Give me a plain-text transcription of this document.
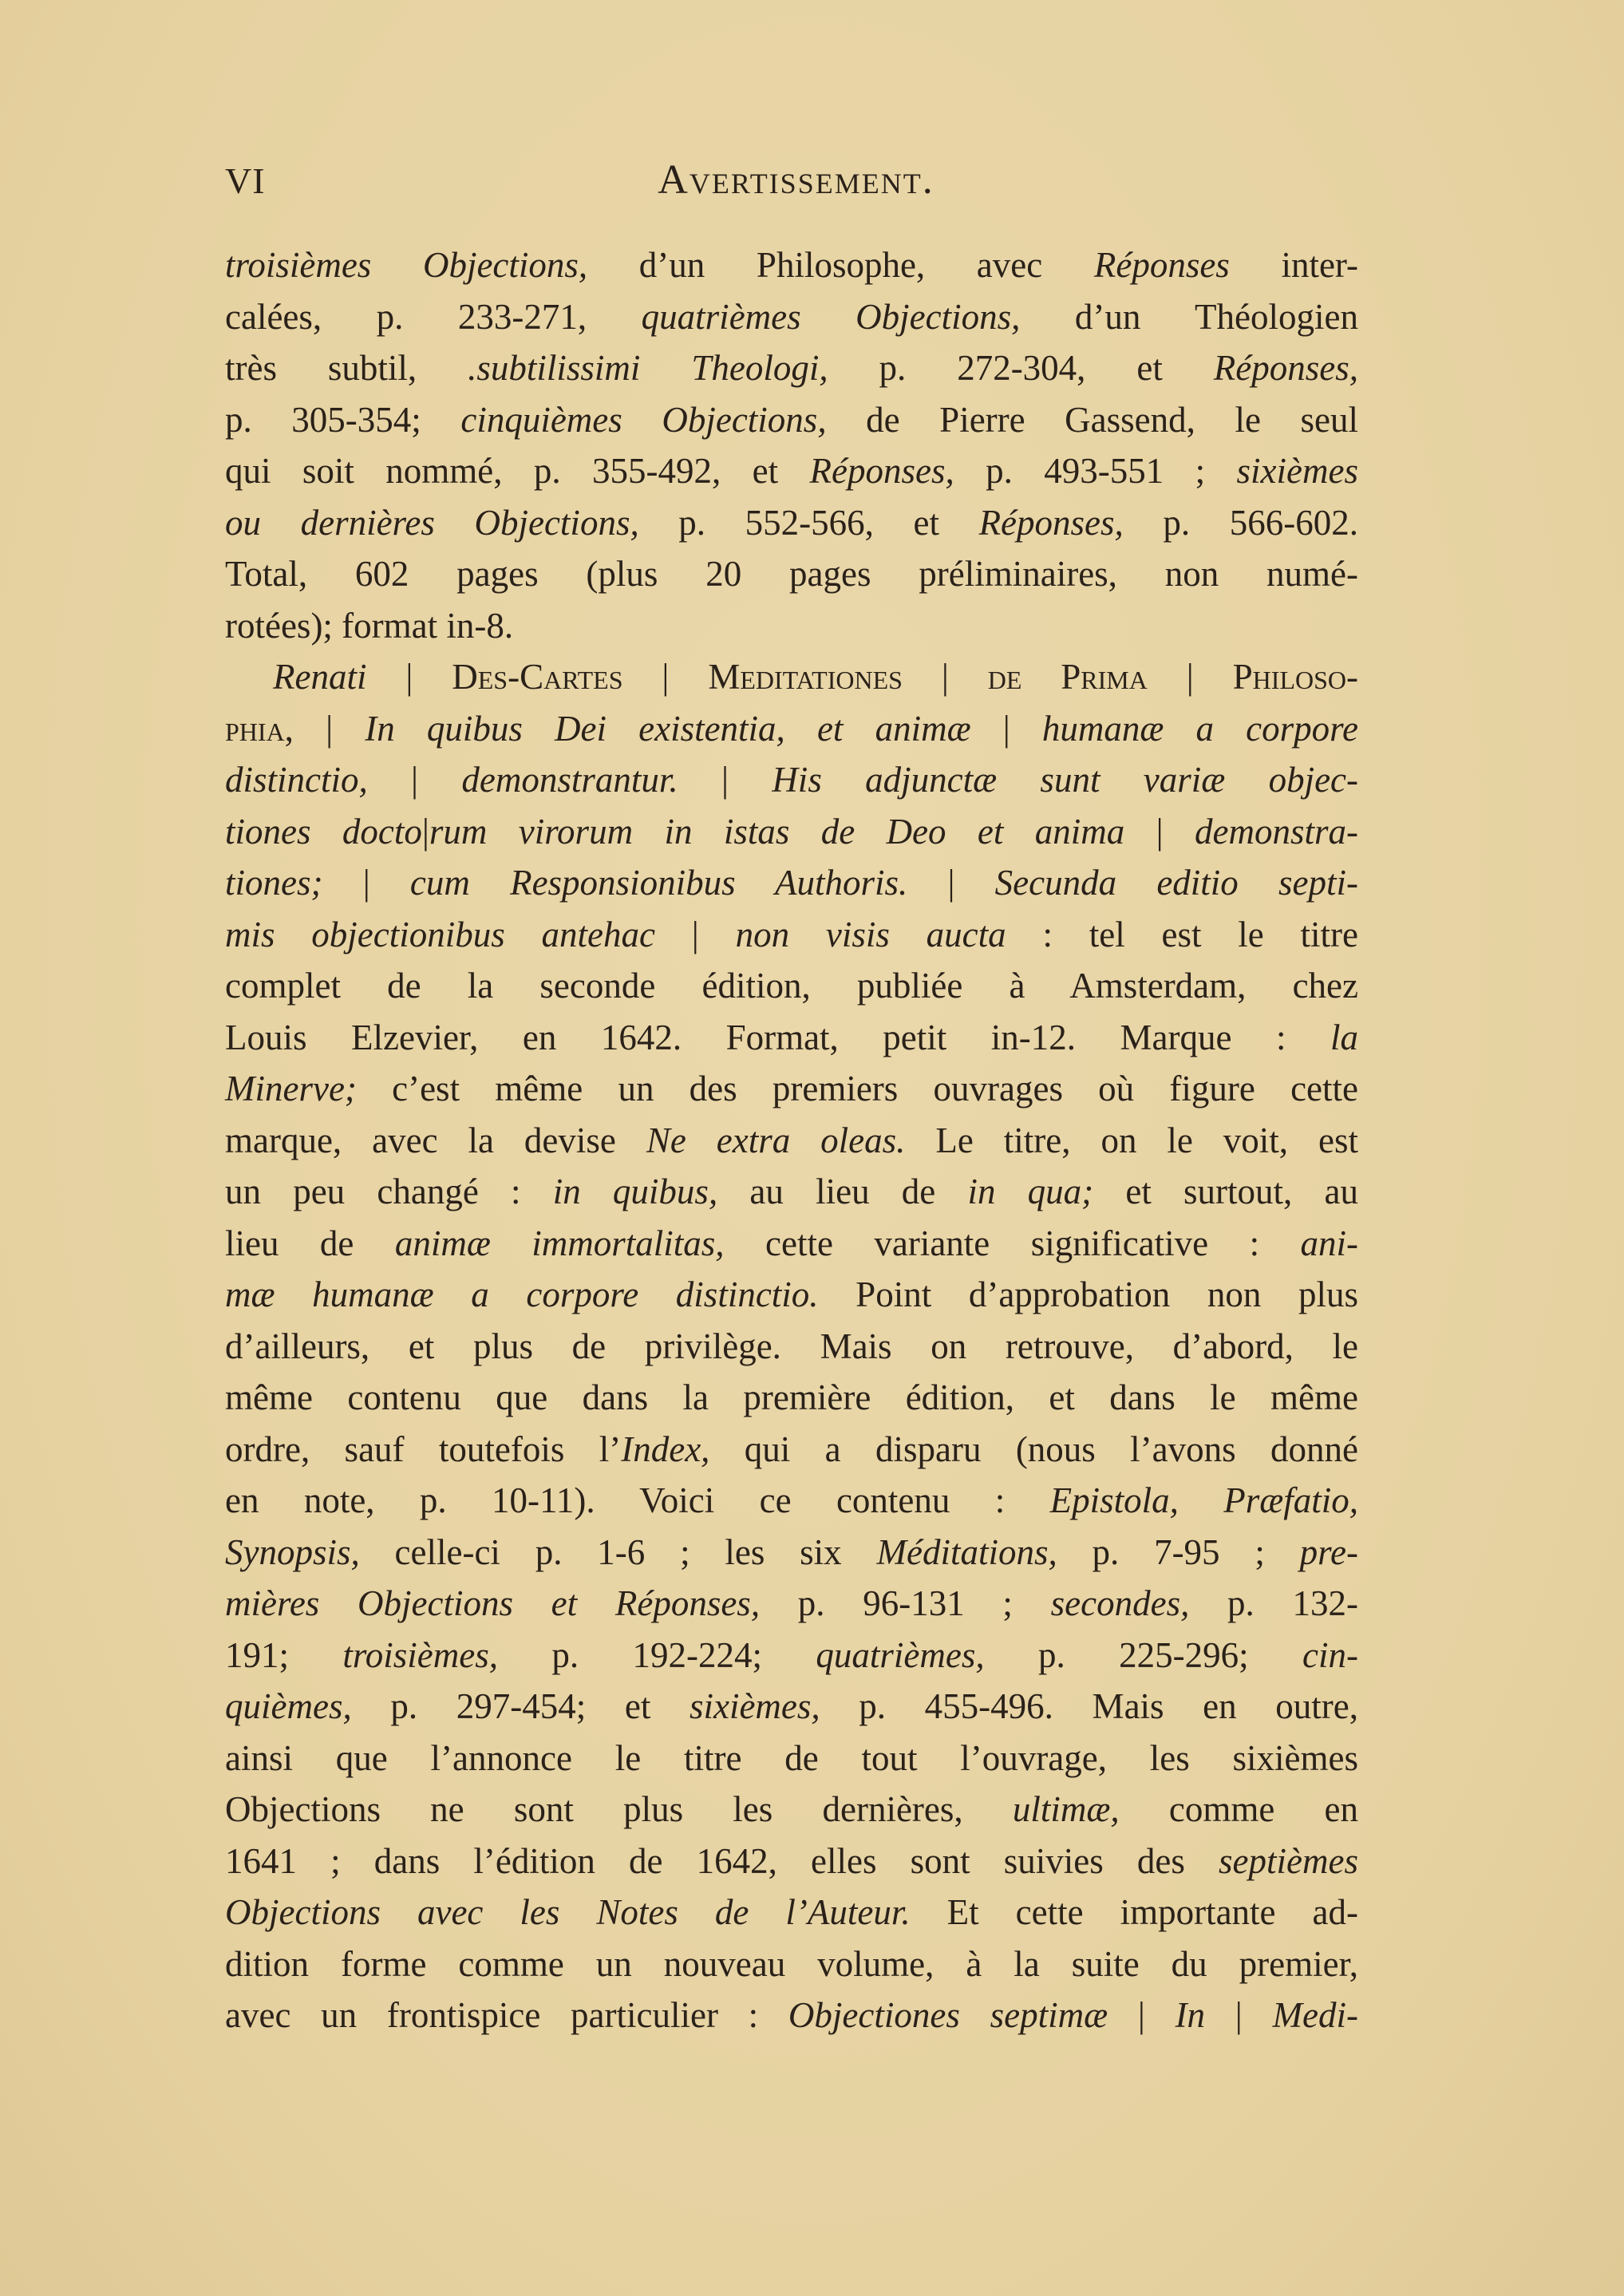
VI	Avertissement.
troisièmes Objections, d’un Philosophe, avec Réponses inter-
calées, p. 233-271, quatrièmes Objections, d’un Théologien
très subtil, .subtilissimi Theologi, p. 272-304, et Réponses,
p. 305-354; cinquièmes Objections, de Pierre Gassend, le seul
qui soit nommé, p. 355-492, et Réponses, p. 493-551 ; sixièmes
ou dernières Objections, p. 552-566, et Réponses, p. 566-602.
Total, 602 pages (plus 20 pages préliminaires, non numé-
rotées); format in-8.
Renati | Des-Cartes | Meditationes | de Prima | Philoso-
phia, | In quibus Dei existentia, et animæ | humanæ a corpore
distinctio, | demonstrantur. | His adjunctæ sunt variæ objec-
tiones docto|rum virorum in istas de Deo et anima | demonstra-
tiones; | cum Responsionibus Authoris. | Secunda editio septi-
mis objectionibus antehac | non visis aucta : tel est le titre
complet de la seconde édition, publiée à Amsterdam, chez
Louis Elzevier, en 1642. Format, petit in-12. Marque : la
Minerve; c’est même un des premiers ouvrages où figure cette
marque, avec la devise Ne extra oleas. Le titre, on le voit, est
un peu changé : in quibus, au lieu de in qua; et surtout, au
lieu de animæ immortalitas, cette variante significative : ani-
mæ humanæ a corpore distinctio. Point d’approbation non plus
d’ailleurs, et plus de privilège. Mais on retrouve, d’abord, le
même contenu que dans la première édition, et dans le même
ordre, sauf toutefois l’Index, qui a disparu (nous l’avons donné
en note, p. 10-11). Voici ce contenu : Epistola, Præfatio,
Synopsis, celle-ci p. 1-6 ; les six Méditations, p. 7-95 ; pre-
mières Objections et Réponses, p. 96-131 ; secondes, p. 132-
191; troisièmes, p. 192-224; quatrièmes, p. 225-296; cin-
quièmes, p. 297-454; et sixièmes, p. 455-496. Mais en outre,
ainsi que l’annonce le titre de tout l’ouvrage, les sixièmes
Objections ne sont plus les dernières, ultimæ, comme en
1641 ; dans l’édition de 1642, elles sont suivies des septièmes
Objections avec les Notes de l’Auteur. Et cette importante ad-
dition forme comme un nouveau volume, à la suite du premier,
avec un frontispice particulier : Objectiones septimæ | In | Medi-
